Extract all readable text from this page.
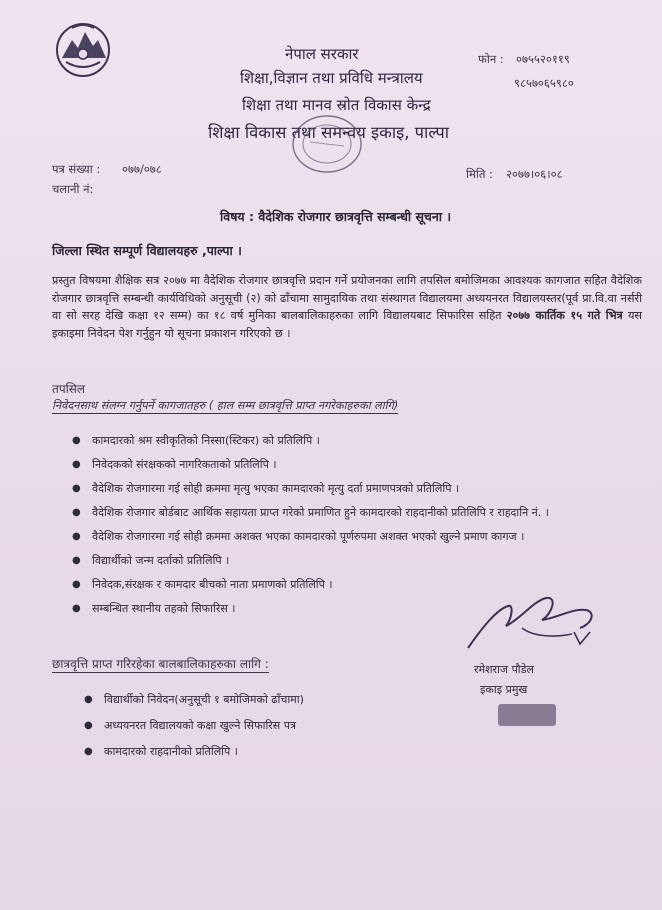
नेपाल सरकार
शिक्षा,विज्ञान तथा प्रविधि मन्त्रालय
शिक्षा तथा मानव स्रोत विकास केन्द्र
शिक्षा विकास तथा समन्वय इकाइ, पाल्पा
फोन : ०७५५२०११९
९८५७०६५९८०
पत्र संख्या : ०७७/०७८
चलानी नं:
मिति : २०७७।०६।०८
विषय : वैदेशिक रोजगार छात्रवृत्ति सम्बन्धी सूचना ।
जिल्ला स्थित सम्पूर्ण विद्यालयहरु ,पाल्पा ।
प्रस्तुत विषयमा शैक्षिक सत्र २०७७ मा वैदेशिक रोजगार छात्रवृत्ति प्रदान गर्ने प्रयोजनका लागि तपसिल बमोजिमका आवश्यक कागजात सहित वैदेशिक रोजगार छात्रवृत्ति सम्बन्धी कार्यविधिको अनुसूची (२) को ढाँचामा सामुदायिक तथा संस्थागत विद्यालयमा अध्ययनरत विद्यालयस्तर(पूर्व प्रा.वि.वा नर्सरी वा सो सरह देखि कक्षा १२ सम्म) का १८ वर्ष मुनिका बालबालिकाहरुका लागि विद्यालयबाट सिफारिस सहित २०७७ कार्तिक १५ गते भित्र यस इकाइमा निवेदन पेश गर्नुहुन यो सूचना प्रकाशन गरिएको छ ।
तपसिल
निवेदनसाथ संलग्न गर्नुपर्ने कागजातहरु ( हाल सम्म छात्रवृत्ति प्राप्त नगरेकाहरुका लागि)
● कामदारको श्रम स्वीकृतिको निस्सा(स्टिकर) को प्रतिलिपि ।
● निवेदकको संरक्षकको नागरिकताको प्रतिलिपि ।
● वैदेशिक रोजगारमा गई सोही क्रममा मृत्यु भएका कामदारको मृत्यु दर्ता प्रमाणपत्रको प्रतिलिपि ।
● वैदेशिक रोजगार बोर्डबाट आर्थिक सहायता प्राप्त गरेको प्रमाणित हुने कामदारको राहदानीको प्रतिलिपि र राहदानि नं. ।
● वैदेशिक रोजगारमा गई सोही क्रममा अशक्त भएका कामदारको पूर्णरुपमा अशक्त भएको खुल्ने प्रमाण कागज ।
● विद्यार्थीको जन्म दर्ताको प्रतिलिपि ।
● निवेदक,संरक्षक र कामदार बीचको नाता प्रमाणको प्रतिलिपि ।
● सम्बन्धित स्थानीय तहको सिफारिस ।
छात्रवृत्ति प्राप्त गरिरहेका बालबालिकाहरुका लागि :
● विद्यार्थीको निवेदन(अनुसूची १ बमोजिमको ढाँचामा)
● अध्ययनरत विद्यालयको कक्षा खुल्ने सिफारिस पत्र
● कामदारको राहदानीको प्रतिलिपि ।
रमेशराज पौडेल
इकाइ प्रमुख
